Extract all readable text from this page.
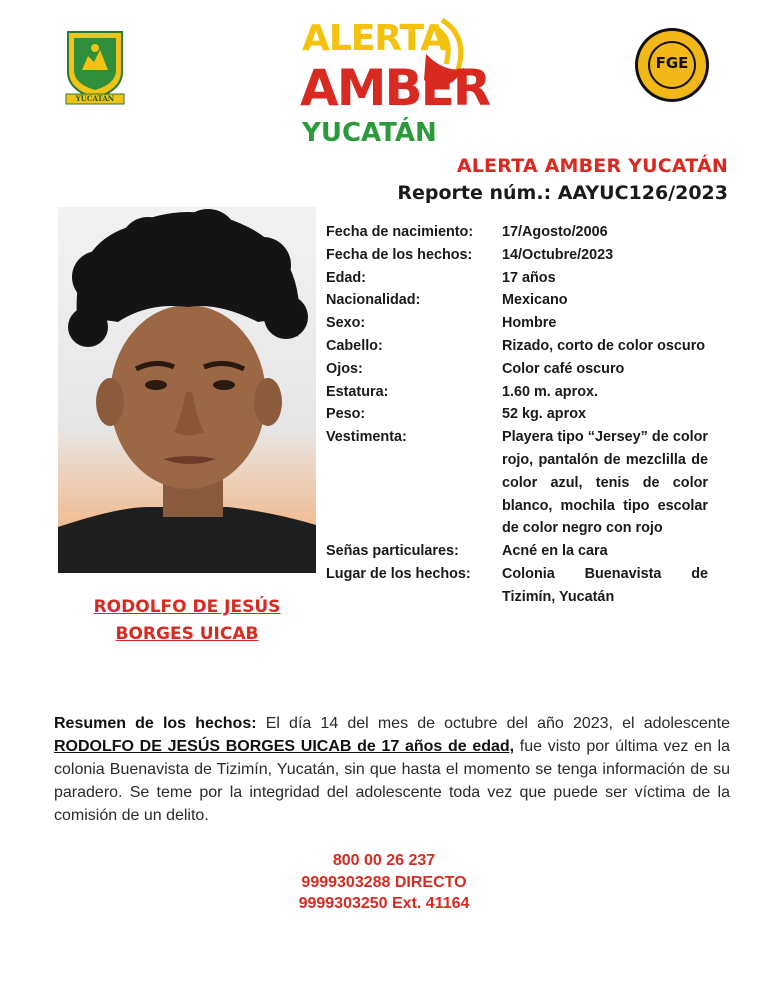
YUCATÁN
ALERTA
AMBER
YUCATÁN
FGE
ALERTA AMBER YUCATÁN
Reporte núm.: AAYUC126/2023
RODOLFO DE JESÚS
BORGES UICAB
Fecha de nacimiento:	17/Agosto/2006
Fecha de los hechos:	14/Octubre/2023
Edad:	17 años
Nacionalidad:	Mexicano
Sexo:	Hombre
Cabello:	Rizado, corto de color oscuro
Ojos:	Color café oscuro
Estatura:	1.60 m. aprox.
Peso:	52 kg. aprox
Vestimenta:	Playera tipo “Jersey” de color rojo, pantalón de mezclilla de color azul, tenis de color blanco, mochila tipo escolar de color negro con rojo
Señas particulares:	Acné en la cara
Lugar de los hechos:	Colonia Buenavista de Tizimín, Yucatán
Resumen de los hechos: El día 14 del mes de octubre del año 2023, el adolescente RODOLFO DE JESÚS BORGES UICAB de 17 años de edad, fue visto por última vez en la colonia Buenavista de Tizimín, Yucatán, sin que hasta el momento se tenga información de su paradero. Se teme por la integridad del adolescente toda vez que puede ser víctima de la comisión de un delito.
800 00 26 237
9999303288 DIRECTO
9999303250 Ext. 41164
